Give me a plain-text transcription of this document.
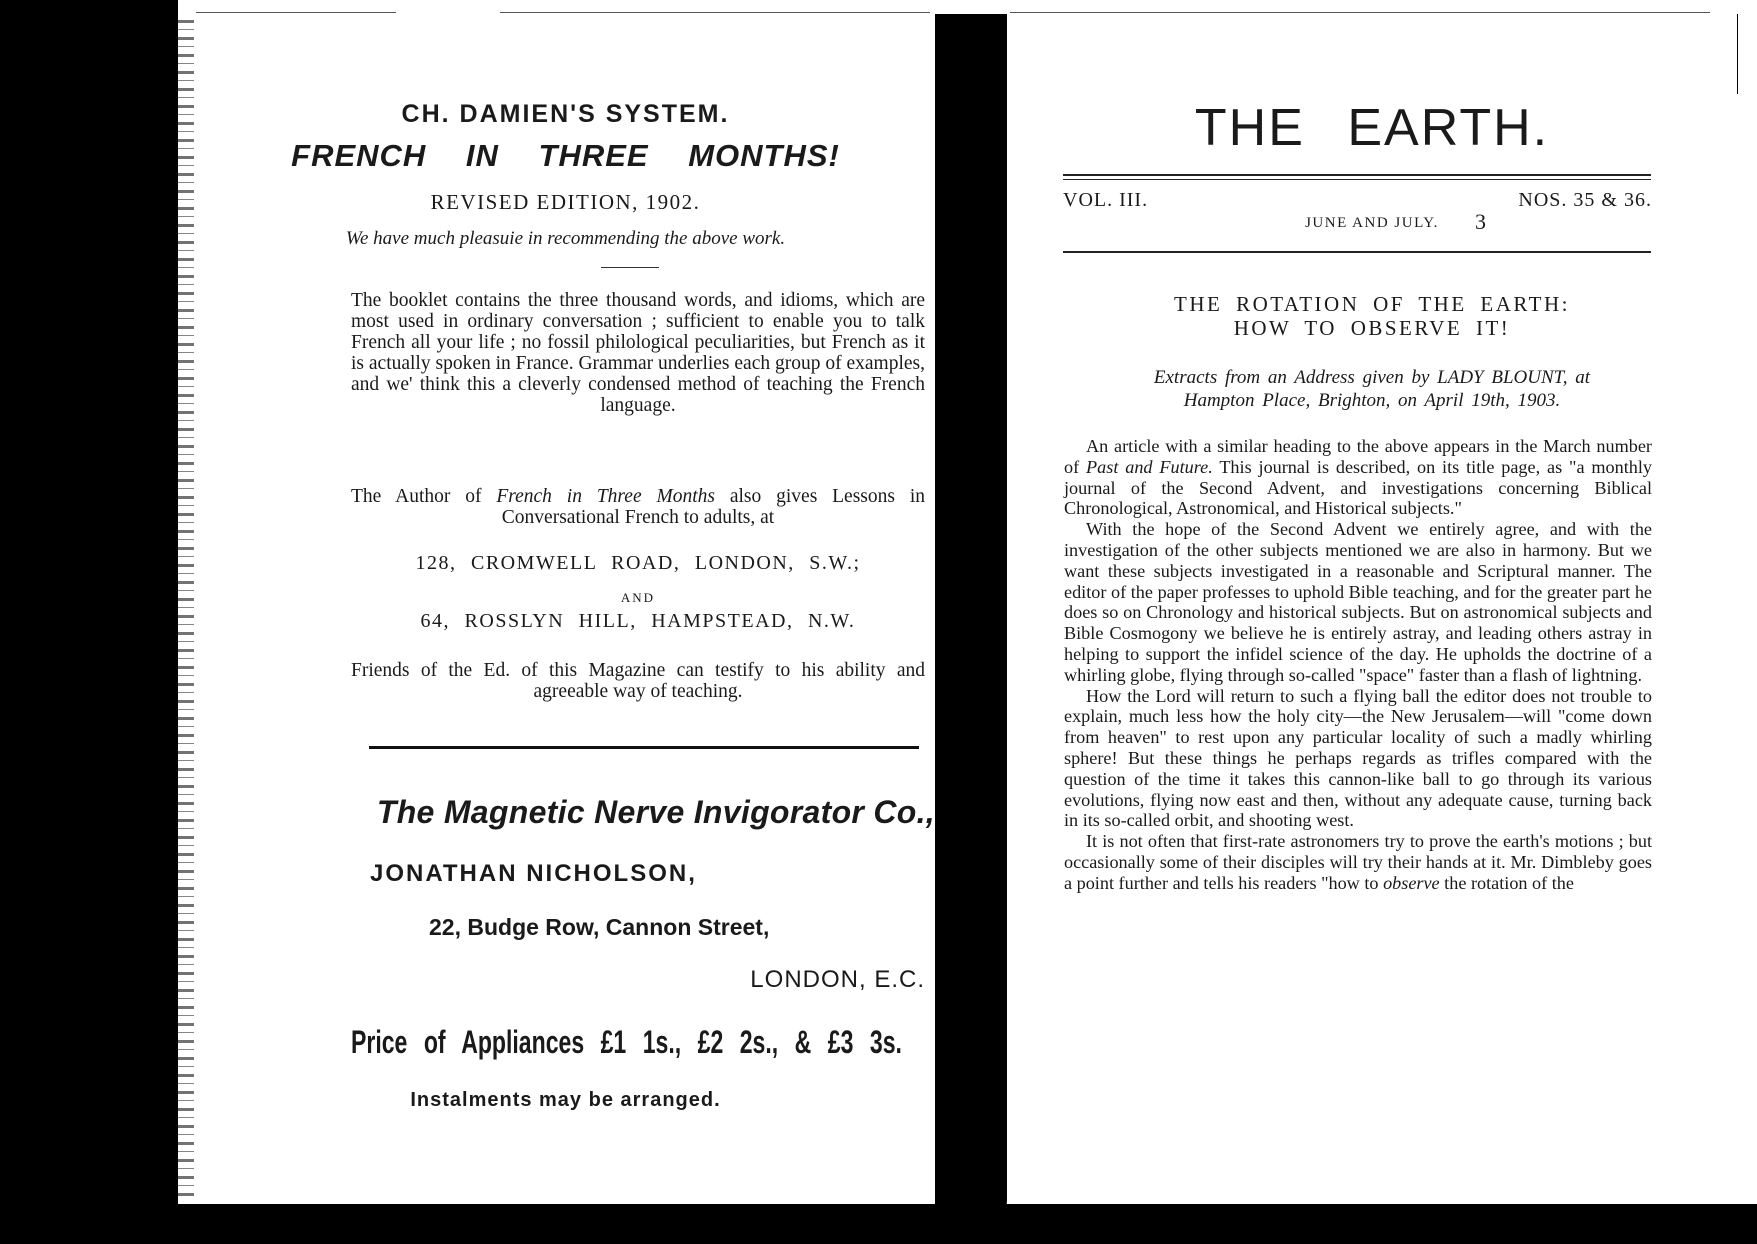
CH. DAMIEN'S SYSTEM.
FRENCH IN THREE MONTHS!
REVISED EDITION, 1902.
We have much pleasuie in recommending the above work.
The booklet contains the three thousand words, and idioms, which are most used in ordinary conversation ; sufficient to enable you to talk French all your life ; no fossil philological peculiarities, but French as it is actually spoken in France. Grammar underlies each group of examples, and we' think this a cleverly condensed method of teaching the French language.
The Author of French in Three Months also gives Lessons in Conversational French to adults, at
128, CROMWELL ROAD, LONDON, S.W.;
AND
64, ROSSLYN HILL, HAMPSTEAD, N.W.
Friends of the Ed. of this Magazine can testify to his ability and agreeable way of teaching.
The Magnetic Nerve Invigorator Co.,
JONATHAN NICHOLSON,
22, Budge Row, Cannon Street,
LONDON, E.C.
Price of Appliances £1 1s., £2 2s., & £3 3s.
Instalments may be arranged.
THE EARTH.
VOL. III.	NOS. 35 & 36.
JUNE AND JULY.	3
THE ROTATION OF THE EARTH:
HOW TO OBSERVE IT!
Extracts from an Address given by LADY BLOUNT, at
Hampton Place, Brighton, on April 19th, 1903.

An article with a similar heading to the above appears in the March number of Past and Future. This journal is described, on its title page, as "a monthly journal of the Second Advent, and investigations concerning Biblical Chronological, Astronomical, and Historical subjects."

With the hope of the Second Advent we entirely agree, and with the investigation of the other subjects mentioned we are also in harmony. But we want these subjects investigated in a reasonable and Scriptural manner. The editor of the paper professes to uphold Bible teaching, and for the greater part he does so on Chronology and historical subjects. But on astronomical subjects and Bible Cosmogony we believe he is entirely astray, and leading others astray in helping to support the infidel science of the day. He upholds the doctrine of a whirling globe, flying through so-called "space" faster than a flash of lightning.

How the Lord will return to such a flying ball the editor does not trouble to explain, much less how the holy city—the New Jerusalem—will "come down from heaven" to rest upon any particular locality of such a madly whirling sphere! But these things he perhaps regards as trifles compared with the question of the time it takes this cannon-like ball to go through its various evolutions, flying now east and then, without any adequate cause, turning back in its so-called orbit, and shooting west.

It is not often that first-rate astronomers try to prove the earth's motions ; but occasionally some of their disciples will try their hands at it. Mr. Dimbleby goes a point further and tells his readers "how to observe the rotation of the
